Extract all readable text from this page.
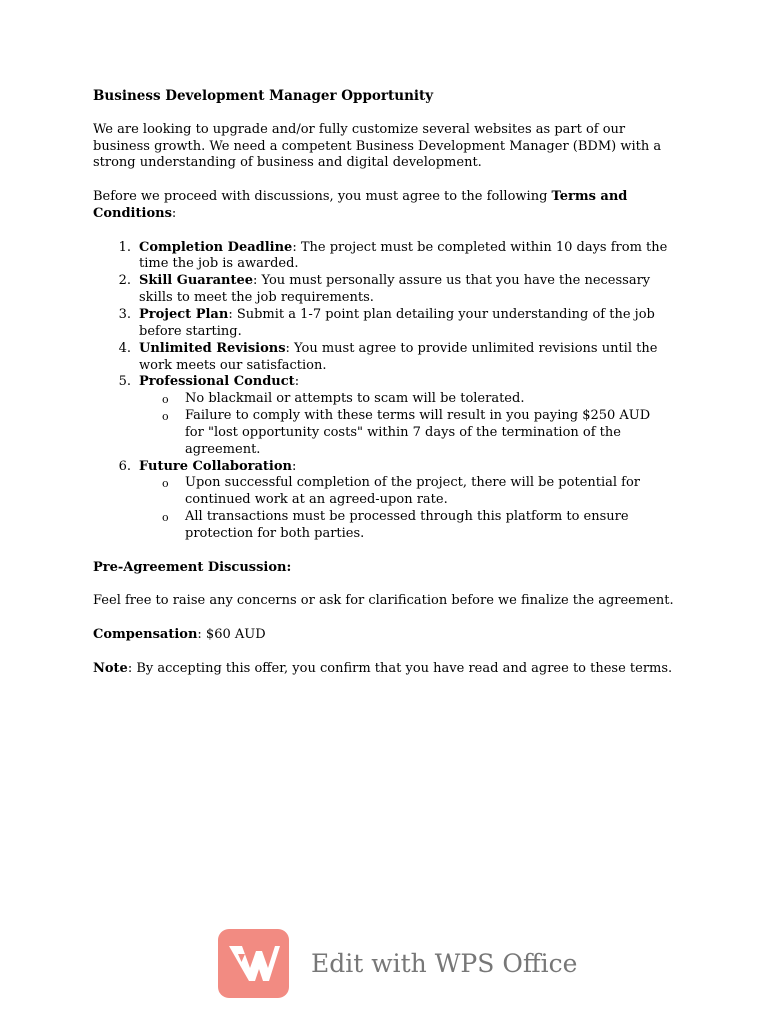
Business Development Manager Opportunity
We are looking to upgrade and/or fully customize several websites as part of our
business growth. We need a competent Business Development Manager (BDM) with a
strong understanding of business and digital development.
Before we proceed with discussions, you must agree to the following Terms and
Conditions:
1. Completion Deadline: The project must be completed within 10 days from the
time the job is awarded.
2. Skill Guarantee: You must personally assure us that you have the necessary
skills to meet the job requirements.
3. Project Plan: Submit a 1-7 point plan detailing your understanding of the job
before starting.
4. Unlimited Revisions: You must agree to provide unlimited revisions until the
work meets our satisfaction.
5. Professional Conduct:
o No blackmail or attempts to scam will be tolerated.
o Failure to comply with these terms will result in you paying $250 AUD
for "lost opportunity costs" within 7 days of the termination of the
agreement.
6. Future Collaboration:
o Upon successful completion of the project, there will be potential for
continued work at an agreed-upon rate.
o All transactions must be processed through this platform to ensure
protection for both parties.
Pre-Agreement Discussion:
Feel free to raise any concerns or ask for clarification before we finalize the agreement.
Compensation: $60 AUD
Note: By accepting this offer, you confirm that you have read and agree to these terms.
Edit with WPS Office
